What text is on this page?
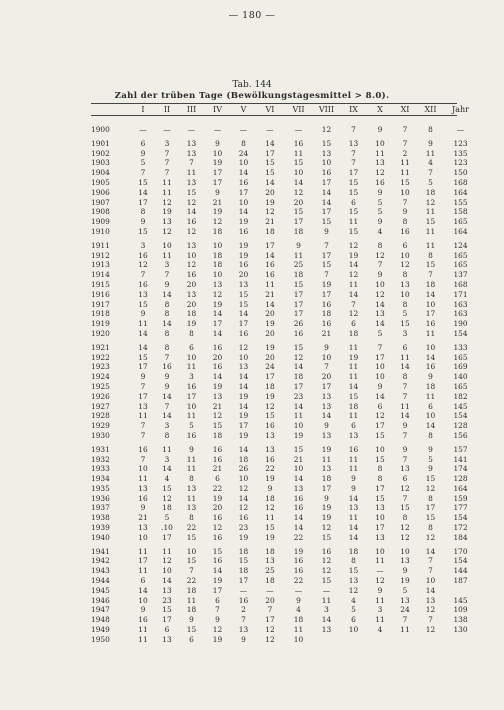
— 180 —
Tab. 144
Zahl der trüben Tage (Bewölkungstagesmittel > 8.0).
	I	II	III	IV	V	VI	VII	VIII	IX	X	XI	XII	Jahr

1900	—	—	—	—	—	—	—	12	7	9	7	8	—

1901	6	3	13	9	8	14	16	15	13	10	7	9	123
1902	9	7	13	10	24	17	11	13	7	11	2	11	135
1903	5	7	7	19	10	15	15	10	7	13	11	4	123
1904	7	7	11	17	14	15	10	16	17	12	11	7	150
1905	15	11	13	17	16	14	14	17	15	16	15	5	168
1906	14	11	15	9	17	20	12	14	15	9	10	18	164
1907	17	12	12	21	10	19	20	14	6	5	7	12	155
1908	8	19	14	19	14	12	15	17	15	5	9	11	158
1909	9	13	16	12	19	21	17	15	11	9	8	15	165
1910	15	12	12	18	16	18	18	9	15	4	16	11	164

1911	3	10	13	10	19	17	9	7	12	8	6	11	124
1912	16	11	10	18	19	14	11	17	19	12	10	8	165
1913	12	3	12	18	16	16	25	15	14	7	12	15	165
1914	7	7	16	10	20	16	18	7	12	9	8	7	137
1915	16	9	20	13	13	11	15	19	11	10	13	18	168
1916	13	14	13	12	15	21	17	17	14	12	10	14	171
1917	15	8	20	19	15	14	17	16	7	14	8	10	163
1918	9	8	18	14	14	20	17	18	12	13	5	17	163
1919	11	14	19	17	17	19	26	16	6	14	15	16	190
1920	14	8	8	14	16	20	16	21	18	5	3	11	154

1921	14	8	6	16	12	19	15	9	11	7	6	10	133
1922	15	7	10	20	10	20	12	10	19	17	11	14	165
1923	17	16	11	16	13	24	14	7	11	10	14	16	169
1924	9	9	3	14	14	17	18	20	11	10	8	9	140
1925	7	9	16	19	14	18	17	17	14	9	7	18	165
1926	17	14	17	13	19	19	23	13	15	14	7	11	182
1927	13	7	10	21	14	12	14	13	18	6	11	6	145
1928	11	14	11	12	19	15	11	14	11	12	14	10	154
1929	7	3	5	15	17	16	10	9	6	17	9	14	128
1930	7	8	16	18	19	13	19	13	13	15	7	8	156

1931	16	11	9	16	14	13	15	19	16	10	9	9	157
1932	7	3	11	16	18	16	21	11	11	15	7	5	141
1933	10	14	11	21	26	22	10	13	11	8	13	9	174
1934	11	4	8	6	10	19	14	18	9	8	6	15	128
1935	13	15	13	22	12	9	13	17	9	17	12	12	164
1936	16	12	11	19	14	18	16	9	14	15	7	8	159
1937	9	18	13	20	12	12	16	19	13	13	15	17	177
1938	21	5	8	16	16	11	14	19	11	10	8	15	154
1939	13	.10	22	12	23	15	14	12	14	17	12	8	172
1940	10	17	15	16	19	19	22	15	14	13	12	12	184

1941	11	11	10	15	18	18	19	16	18	10	10	14	170
1942	17	12	15	16	15	13	16	12	8	11	13	7	154
1943	11	10	7	14	18	25	16	12	15	—	9	7	144
1944	6	14	22	19	17	18	22	15	13	12	19	10	187
1945	14	13	18	17	—	—	—	—	12	9	5	14	
1946	10	23	11	6	16	20	9	11	4	11	13	13	145
1947	9	15	18	7	2	7	4	3	5	3	24	12	109
1948	16	17	9	9	7	17	18	14	6	11	7	7	138
1949	11	6	15	12	13	12	11	13	10	4	11	12	130
1950	11	13	6	19	9	12	10						
